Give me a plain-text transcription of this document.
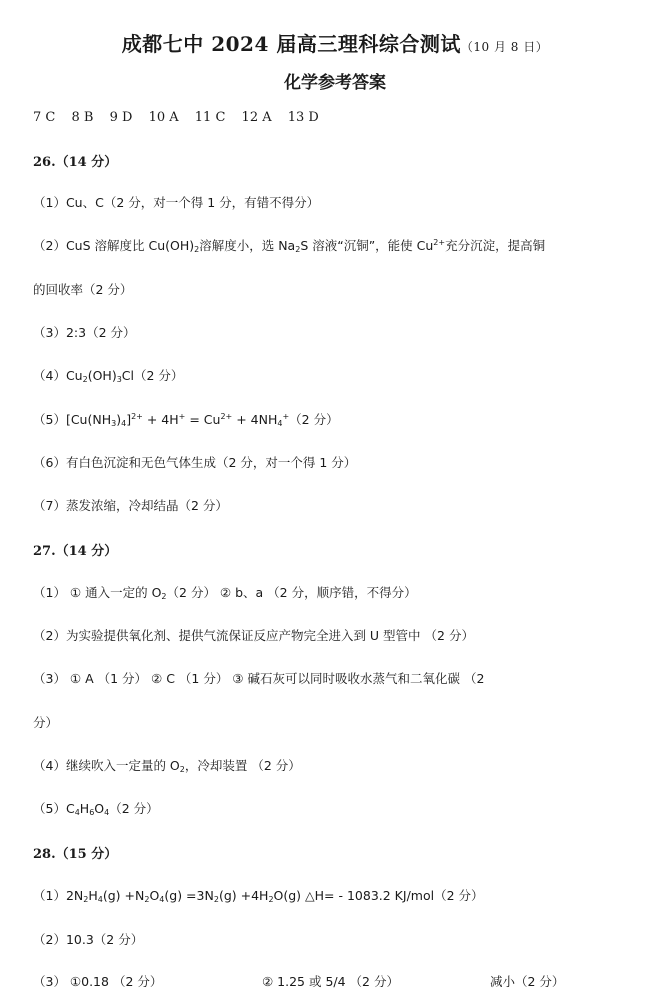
成都七中 2024 届高三理科综合测试（10 月 8 日）
化学参考答案
7 C 8 B 9 D 10 A 11 C 12 A 13 D
26.（14 分）
（1）Cu、C（2 分，对一个得 1 分，有错不得分）
（2）CuS 溶解度比 $Cu(OH)_2$溶解度小，选 $Na_2S$ 溶液“沉铜”，能使 $Cu^{2+}$充分沉淀，提高铜
的回收率（2 分）
（3）2:3（2 分）
$(4)Cu_2(OH)_3Cl(2$ 分）
$(5)[Cu(NH_3)_4]^{2+} + 4H^+ = Cu^{2+} + 4NH_4^+(2$ 分）
（6）有白色沉淀和无色气体生成（2 分，对一个得 1 分）
（7）蒸发浓缩，冷却结晶（2 分）
27.（14 分）
（1） ① 通入一定的 $O_2(2$ 分） ② b、a （2 分，顺序错，不得分）
（2）为实验提供氧化剂、提供气流保证反应产物完全进入到 U 型管中 （2 分）
（3） ① A （1 分） ② C （1 分） ③ 碱石灰可以同时吸收水蒸气和二氧化碳 （2
分）
（4）继续吹入一定量的 $O_2$，冷却装置 （2 分）
$(5)C_4H_6O_4(2$ 分）
28.（15 分）
$(1)2N_2H_4(g) +N_2O_4(g) =3N_2(g) +4H_2O(g)$ △H= - 1083.2 KJ/mol（2 分）
（2）10.3（2 分）
（3） ①0.18 （2 分）	② 1.25 或 5/4 （2 分）	减小（2 分）
